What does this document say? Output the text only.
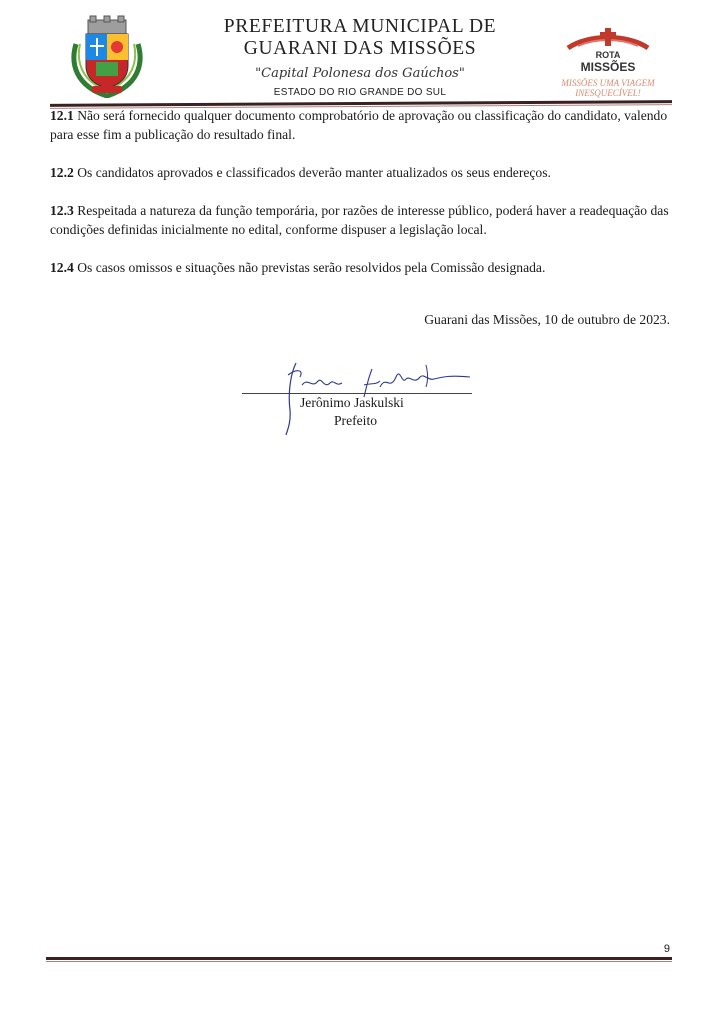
PREFEITURA MUNICIPAL DE
GUARANI DAS MISSÕES
"Capital Polonesa dos Gaúchos"
ESTADO DO RIO GRANDE DO SUL
ROTA
MISSÕES
MISSÕES UMA VIAGEM
INESQUECÍVEL!

12.1 Não será fornecido qualquer documento comprobatório de aprovação ou classificação do candidato, valendo para esse fim a publicação do resultado final.

12.2 Os candidatos aprovados e classificados deverão manter atualizados os seus endereços.

12.3 Respeitada a natureza da função temporária, por razões de interesse público, poderá haver a readequação das condições definidas inicialmente no edital, conforme dispuser a legislação local.

12.4 Os casos omissos e situações não previstas serão resolvidos pela Comissão designada.

Guarani das Missões, 10 de outubro de 2023.
Jerônimo Jaskulski
Prefeito
9
